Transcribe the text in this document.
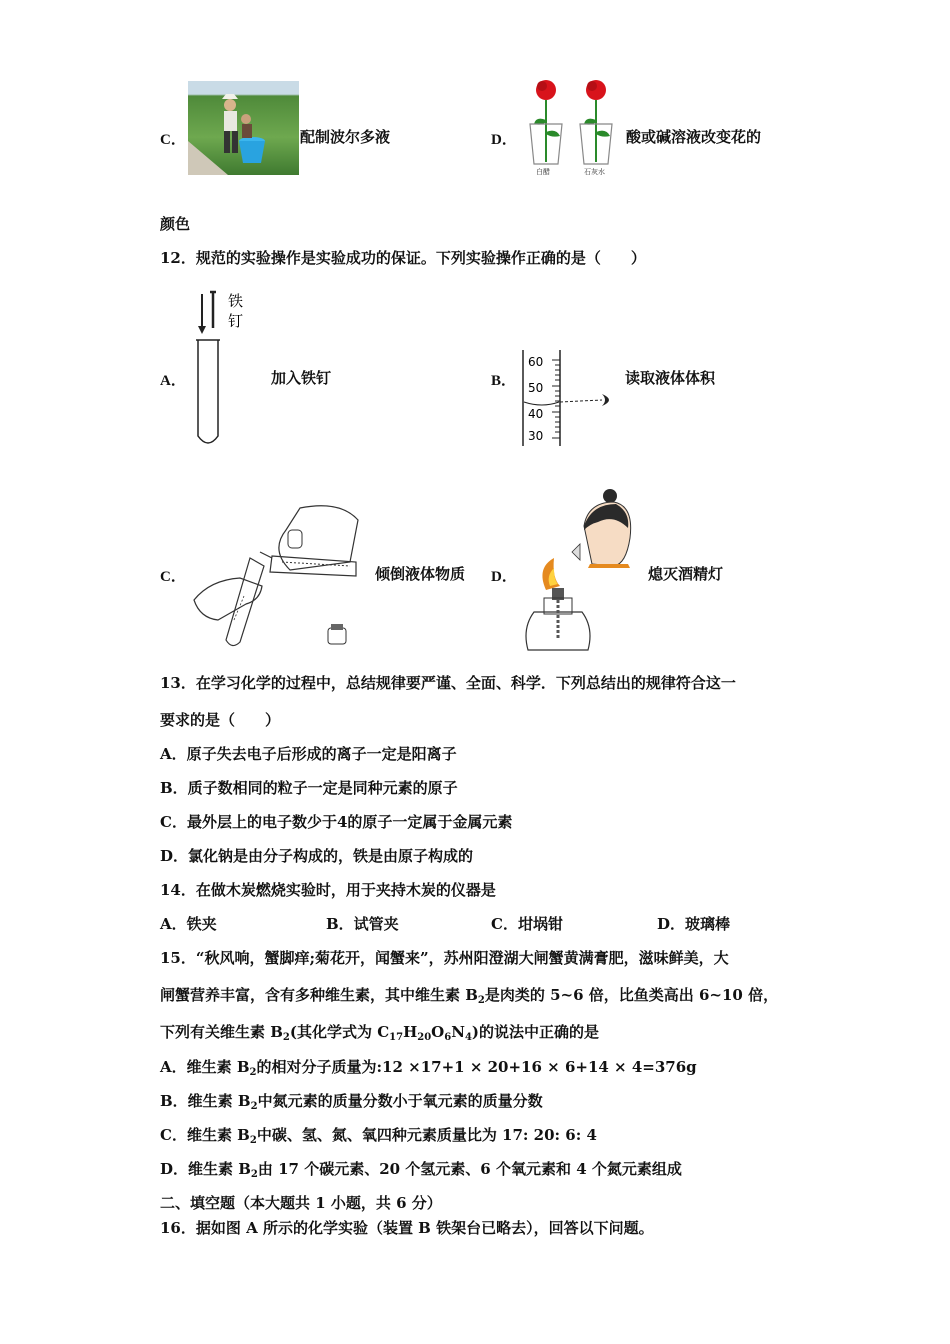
C．	配制波尔多液	D．
白醋	石灰水
酸或碱溶液改变花的
颜色
12．规范的实验操作是实验成功的保证。下列实验操作正确的是（　　）
A．
铁
钉
加入铁钉	B．
60
50
40
30
读取液体体积
C．	倾倒液体物质 D．	熄灭酒精灯
13．在学习化学的过程中，总结规律要严谨、全面、科学．下列总结出的规律符合这一
要求的是（　　）
A．原子失去电子后形成的离子一定是阳离子
B．质子数相同的粒子一定是同种元素的原子
C．最外层上的电子数少于4的原子一定属于金属元素
D．氯化钠是由分子构成的，铁是由原子构成的
14．在做木炭燃烧实验时，用于夹持木炭的仪器是
A．铁夹	B．试管夹	C．坩埚钳	D．玻璃棒
15．“秋风响，蟹脚痒;菊花开，闻蟹来”，苏州阳澄湖大闸蟹黄满膏肥，滋味鲜美，大
闸蟹营养丰富，含有多种维生素，其中维生素 $B_2$是肉类的 5~6 倍，比鱼类高出 6~10 倍，
下列有关维生素 $B_2$(其化学式为 $C_{17}H_{20}O_6N_4$)的说法中正确的是
A．维生素 $B_2$的相对分子质量为:12 ×17+1 × 20+16 × 6+14 × 4=376g
B．维生素 $B_2$中氮元素的质量分数小于氧元素的质量分数
C．维生素 $B_2$中碳、氢、氮、氧四种元素质量比为 17: 20: 6: 4
D．维生素 $B_2$由 17 个碳元素、20 个氢元素、6 个氧元素和 4 个氮元素组成
二、填空题（本大题共 1 小题，共 6 分）
16．据如图 A 所示的化学实验（装置 B 铁架台已略去），回答以下问题。
